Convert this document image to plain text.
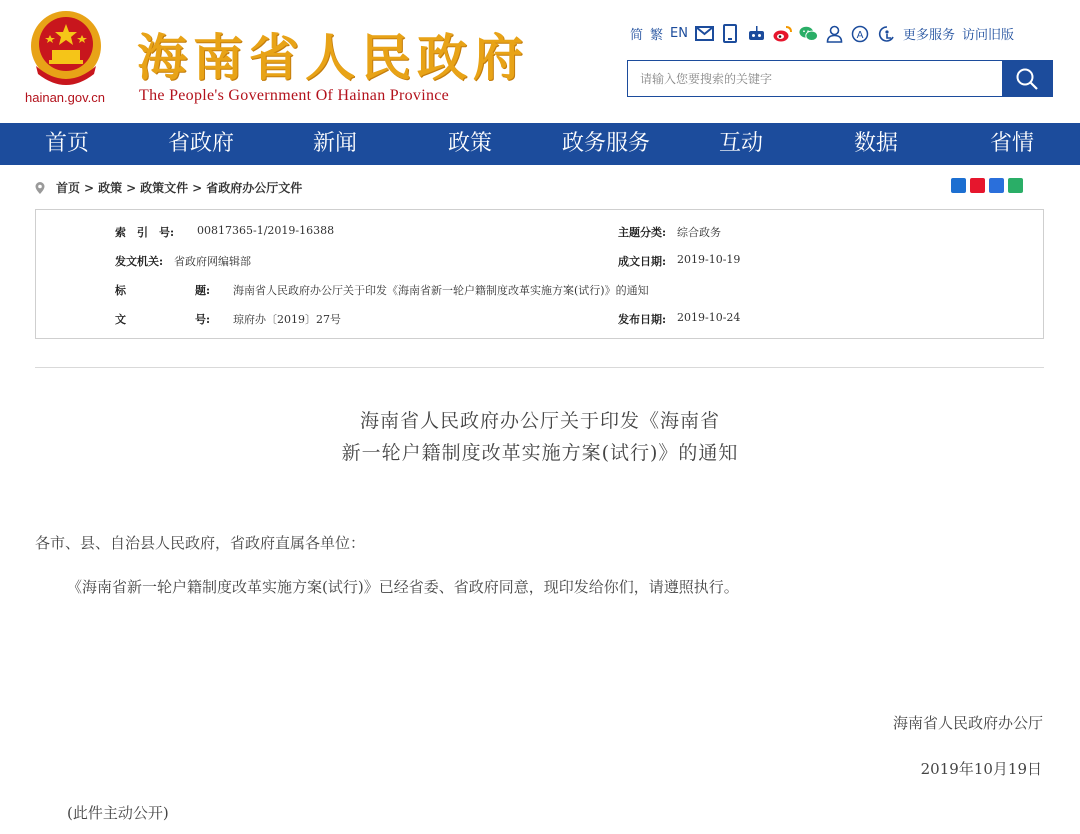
hainan.gov.cn
海南省人民政府
The People's Government Of Hainan Province
简 繁 EN	A	更多服务 访问旧版
请输入您要搜索的关键字
首页	省政府	新闻	政策	政务服务	互动	数据	省情
首页 > 政策 > 政策文件 > 省政府办公厅文件
索　引　号: 00817365-1/2019-16388	主题分类: 综合政务
发文机关: 省政府网编辑部	成文日期: 2019-10-19
标	题: 海南省人民政府办公厅关于印发《海南省新一轮户籍制度改革实施方案(试行)》的通知
文	号: 琼府办〔2019〕27号	发布日期: 2019-10-24
海南省人民政府办公厅关于印发《海南省
新一轮户籍制度改革实施方案(试行)》的通知
各市、县、自治县人民政府，省政府直属各单位：
《海南省新一轮户籍制度改革实施方案(试行)》已经省委、省政府同意，现印发给你们，请遵照执行。
海南省人民政府办公厅
2019年10月19日
(此件主动公开)
